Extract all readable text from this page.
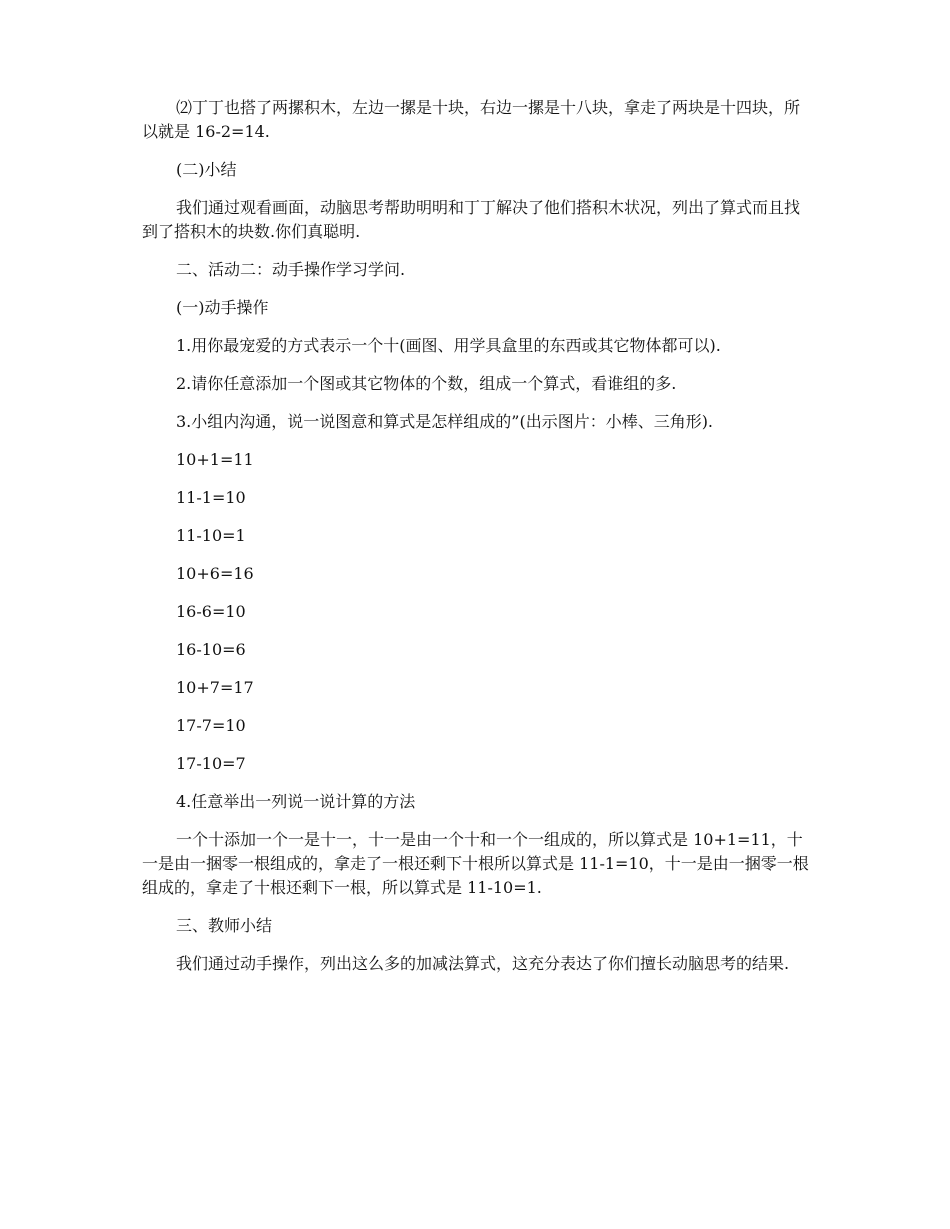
⑵丁丁也搭了两摞积木，左边一摞是十块，右边一摞是十八块，拿走了两块是十四块，所以就是 16-2=14.

(二)小结

我们通过观看画面，动脑思考帮助明明和丁丁解决了他们搭积木状况，列出了算式而且找到了搭积木的块数.你们真聪明.

二、活动二：动手操作学习学问.

(一)动手操作

1.用你最宠爱的方式表示一个十(画图、用学具盒里的东西或其它物体都可以).

2.请你任意添加一个图或其它物体的个数，组成一个算式，看谁组的多.

3.小组内沟通，说一说图意和算式是怎样组成的”(出示图片：小棒、三角形).

10+1=11

11-1=10

11-10=1

10+6=16

16-6=10

16-10=6

10+7=17

17-7=10

17-10=7

4.任意举出一列说一说计算的方法

一个十添加一个一是十一，十一是由一个十和一个一组成的，所以算式是 10+1=11，十一是由一捆零一根组成的，拿走了一根还剩下十根所以算式是 11-1=10，十一是由一捆零一根组成的，拿走了十根还剩下一根，所以算式是 11-10=1.

三、教师小结

我们通过动手操作，列出这么多的加减法算式，这充分表达了你们擅长动脑思考的结果.
